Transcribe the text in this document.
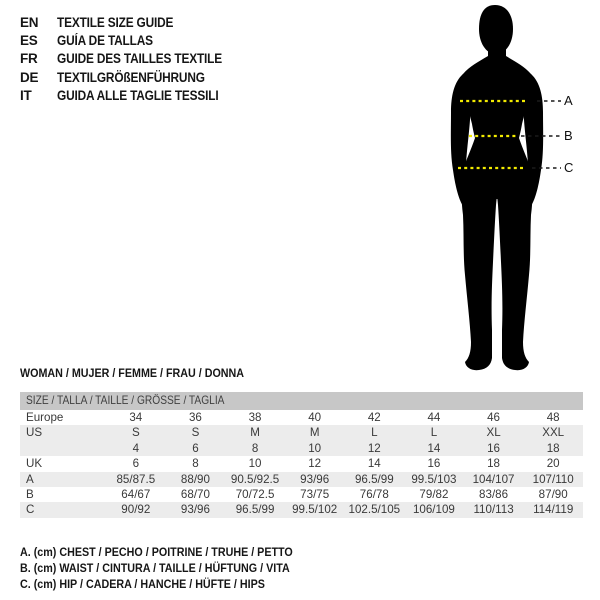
EN	TEXTILE SIZE GUIDE
ES	GUÍA DE TALLAS
FR	GUIDE DES TAILLES TEXTILE
DE	TEXTILGRÖßENFÜHRUNG
IT	GUIDA ALLE TAGLIE TESSILI	A
B
C
WOMAN / MUJER / FEMME / FRAU / DONNA
SIZE / TALLA / TAILLE / GRÖSSE / TAGLIA
Europe	34	36	38	40	42	44	46	48
US	S	S	M	M	L	L	XL	XXL
4	6	8	10	12	14	16	18
UK	6	8	10	12	14	16	18	20
A	85/87.5	88/90	90.5/92.5	93/96	96.5/99	99.5/103	104/107	107/110
B	64/67	68/70	70/72.5	73/75	76/78	79/82	83/86	87/90
C	90/92	93/96	96.5/99	99.5/102 102.5/105	106/109	110/113	114/119
A. (cm) CHEST / PECHO / POITRINE / TRUHE / PETTO
B. (cm) WAIST / CINTURA / TAILLE / HÜFTUNG / VITA
C. (cm) HIP / CADERA / HANCHE / HÜFTE / HIPS
